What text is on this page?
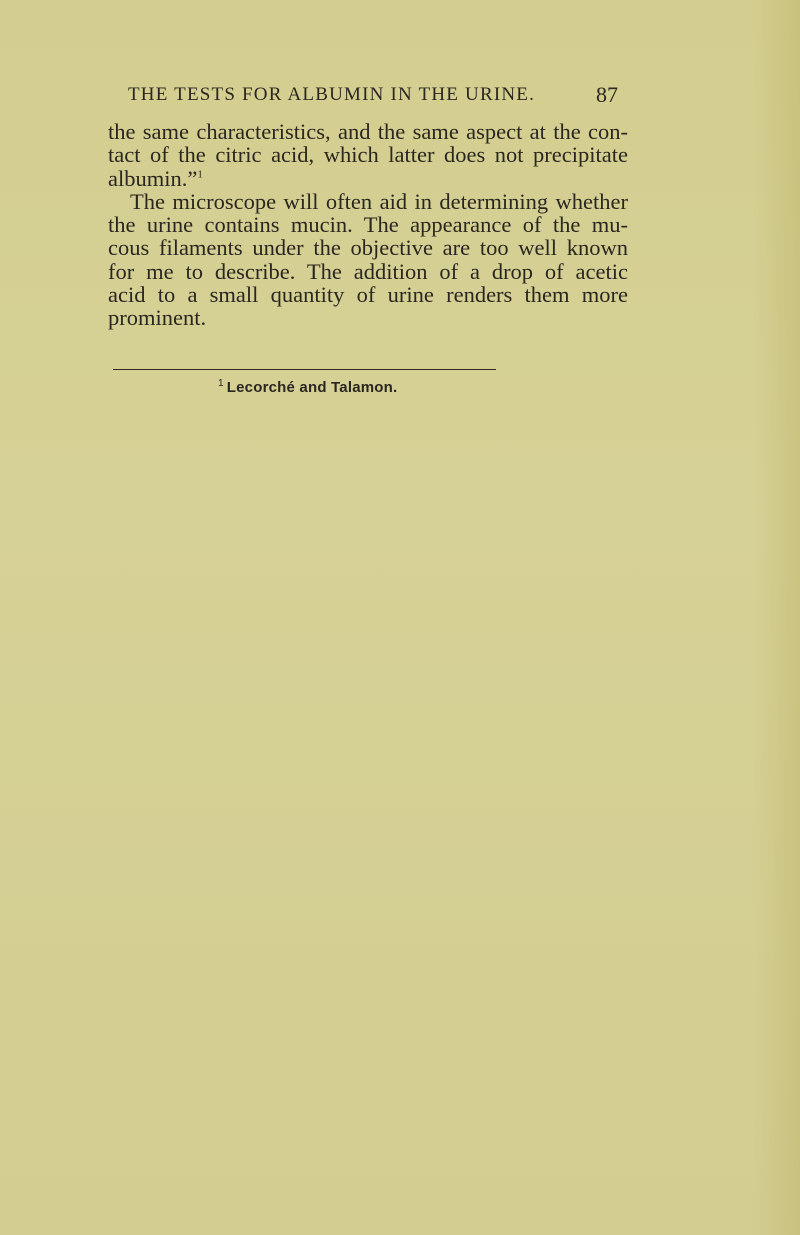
THE TESTS FOR ALBUMIN IN THE URINE.	87
the same characteristics, and the same aspect at the con-
tact of the citric acid, which latter does not precipitate
albumin.”$^1$
The microscope will often aid in determining whether
the urine contains mucin. The appearance of the mu-
cous filaments under the objective are too well known
for me to describe. The addition of a drop of acetic
acid to a small quantity of urine renders them more
prominent.
$^1$ Lecorché and Talamon.
